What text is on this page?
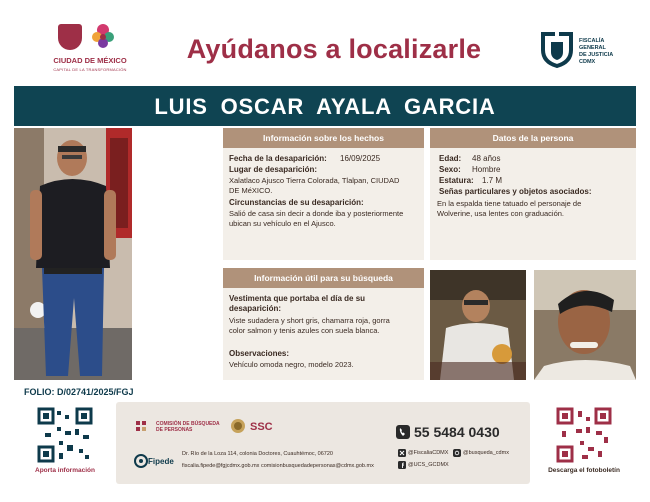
CIUDAD DE MÉXICO
CAPITAL DE LA TRANSFORMACIÓN
Ayúdanos a localizarle	FISCALÍA
GENERAL
DE JUSTICIA
CDMX
LUIS OSCAR AYALA GARCIA
Información sobre los hechos
Fecha de la desaparición: 16/09/2025
Lugar de desaparición:
Xalatlaco Ajusco Tierra Colorada, Tlalpan, CIUDAD
DE MéXICO.
Circunstancias de su desaparición:
Salió de casa sin decir a donde iba y posteriormente
ubican su vehículo en el Ajusco.
Datos de la persona
Edad: 48 años
Sexo: Hombre
Estatura: 1.7 M
Señas particulares y objetos asociados:
En la espalda tiene tatuado el personaje de
Wolverine, usa lentes con graduación.
Información útil para su búsqueda
Vestimenta que portaba el día de su
desaparición:
Viste sudadera y short gris, chamarra roja, gorra
color salmon y tenis azules con suela blanca.
Observaciones:
Vehículo omoda negro, modelo 2023.
FOLIO: D/02741/2025/FGJ
Aporta información
COMISIÓN DE BÚSQUEDA
DE PERSONAS	SSC
Fipede
Dr. Río de la Loza 114, colonia Doctores, Cuauhtémoc, 06720
fiscalia.fipede@fgjcdmx.gob.mx comisionbusquedadepersonas@cdmx.gob.mx
@FiscaliaCDMX	@busqueda_cdmx
@UCS_GCDMX
55 5484 0430
Descarga el fotoboletín
